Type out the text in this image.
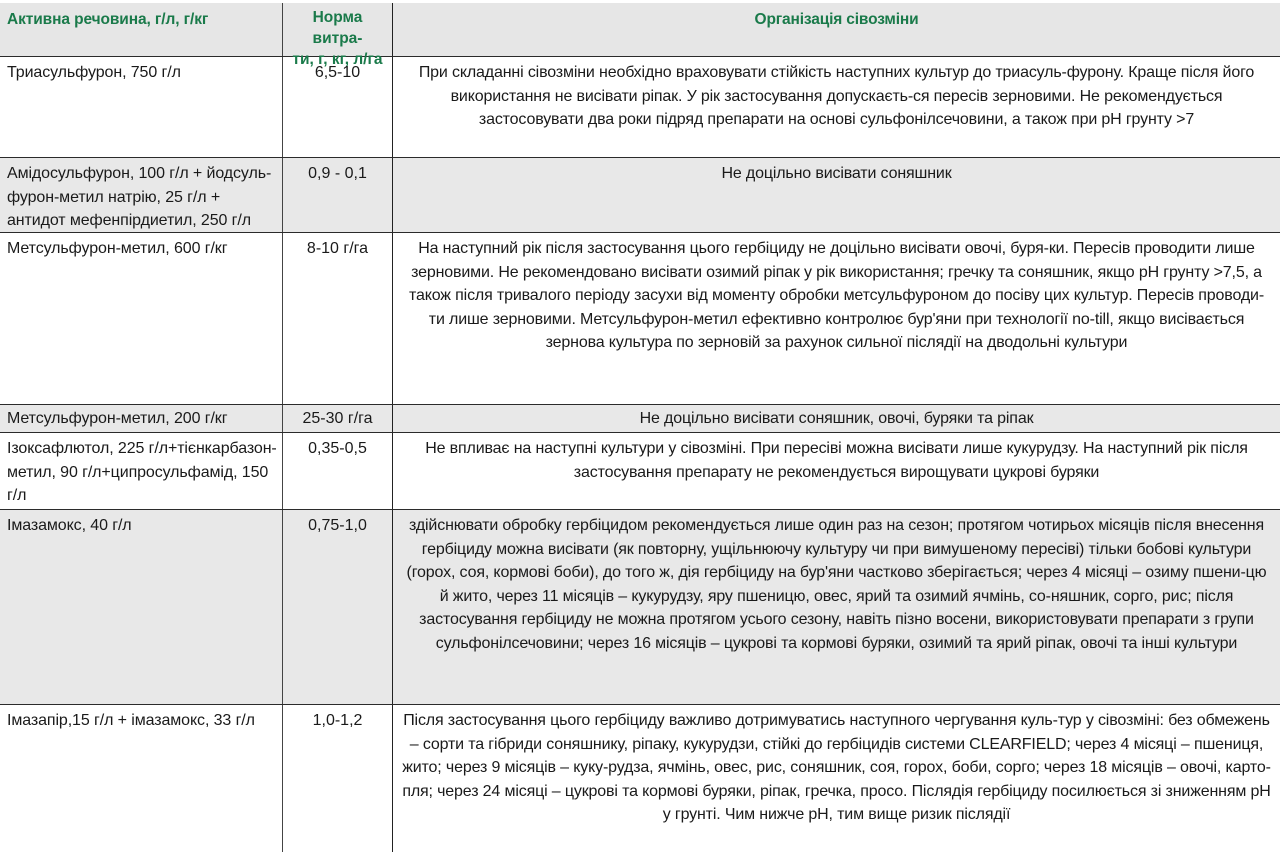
Активна речовина, г/л, г/кг	Норма витра-
ти, г, кг, л/га
Організація сівозміни
Триасульфурон, 750 г/л	6,5-10	При складанні сівозміни необхідно враховувати стійкість наступних культур до триасуль-фурону. Краще після його використання не висівати ріпак. У рік застосування допускаєть-ся пересів зерновими. Не рекомендується застосовувати два роки підряд препарати на основі сульфонілсечовини, а також при pH грунту >7
Амідосульфурон, 100 г/л + йодсуль-фурон-метил натрію, 25 г/л + антидот мефенпірдиетил, 250 г/л
0,9 - 0,1	Не доцільно висівати соняшник
Метсульфурон-метил, 600 г/кг	8-10 г/га	На наступний рік після застосування цього гербіциду не доцільно висівати овочі, буря-ки. Пересів проводити лише зерновими. Не рекомендовано висівати озимий ріпак у рік використання; гречку та соняшник, якщо pH грунту >7,5, а також після тривалого періоду засухи від моменту обробки метсульфуроном до посіву цих культур. Пересів проводи-ти лише зерновими. Метсульфурон-метил ефективно контролює бур'яни при технології no-till, якщо висівається зернова культура по зерновій за рахунок сильної післядії на дводольні культури
Метсульфурон-метил, 200 г/кг	25-30 г/га	Не доцільно висівати соняшник, овочі, буряки та ріпак
Ізоксафлютол, 225 г/л+тієнкарбазон-метил, 90 г/л+ципросульфамід, 150 г/л
0,35-0,5	Не впливає на наступні культури у сівозміні. При пересіві можна висівати лише кукурудзу. На наступний рік після застосування препарату не рекомендується вирощувати цукрові буряки
Імазамокс, 40 г/л	0,75-1,0	здійснювати обробку гербіцидом рекомендується лише один раз на сезон; протягом чотирьох місяців після внесення гербіциду можна висівати (як повторну, ущільнюючу культуру чи при вимушеному пересіві) тільки бобові культури (горох, соя, кормові боби), до того ж, дія гербіциду на бур'яни частково зберігається; через 4 місяці – озиму пшени-цю й жито, через 11 місяців – кукурудзу, яру пшеницю, овес, ярий та озимий ячмінь, со-няшник, сорго, рис; після застосування гербіциду не можна протягом усього сезону, навіть пізно восени, використовувати препарати з групи сульфонілсечовини; через 16 місяців – цукрові та кормові буряки, озимий та ярий ріпак, овочі та інші культури
Імазапір,15 г/л + імазамокс, 33 г/л	1,0-1,2	Після застосування цього гербіциду важливо дотримуватись наступного чергування куль-тур у сівозміні: без обмежень – сорти та гібриди соняшнику, ріпаку, кукурудзи, стійкі до гербіцидів системи CLEARFIELD; через 4 місяці – пшениця, жито; через 9 місяців – куку-рудза, ячмінь, овес, рис, соняшник, соя, горох, боби, сорго; через 18 місяців – овочі, карто-пля; через 24 місяці – цукрові та кормові буряки, ріпак, гречка, просо. Післядія гербіциду посилюється зі зниженням pH у грунті. Чим нижче pH, тим вище ризик післядії
